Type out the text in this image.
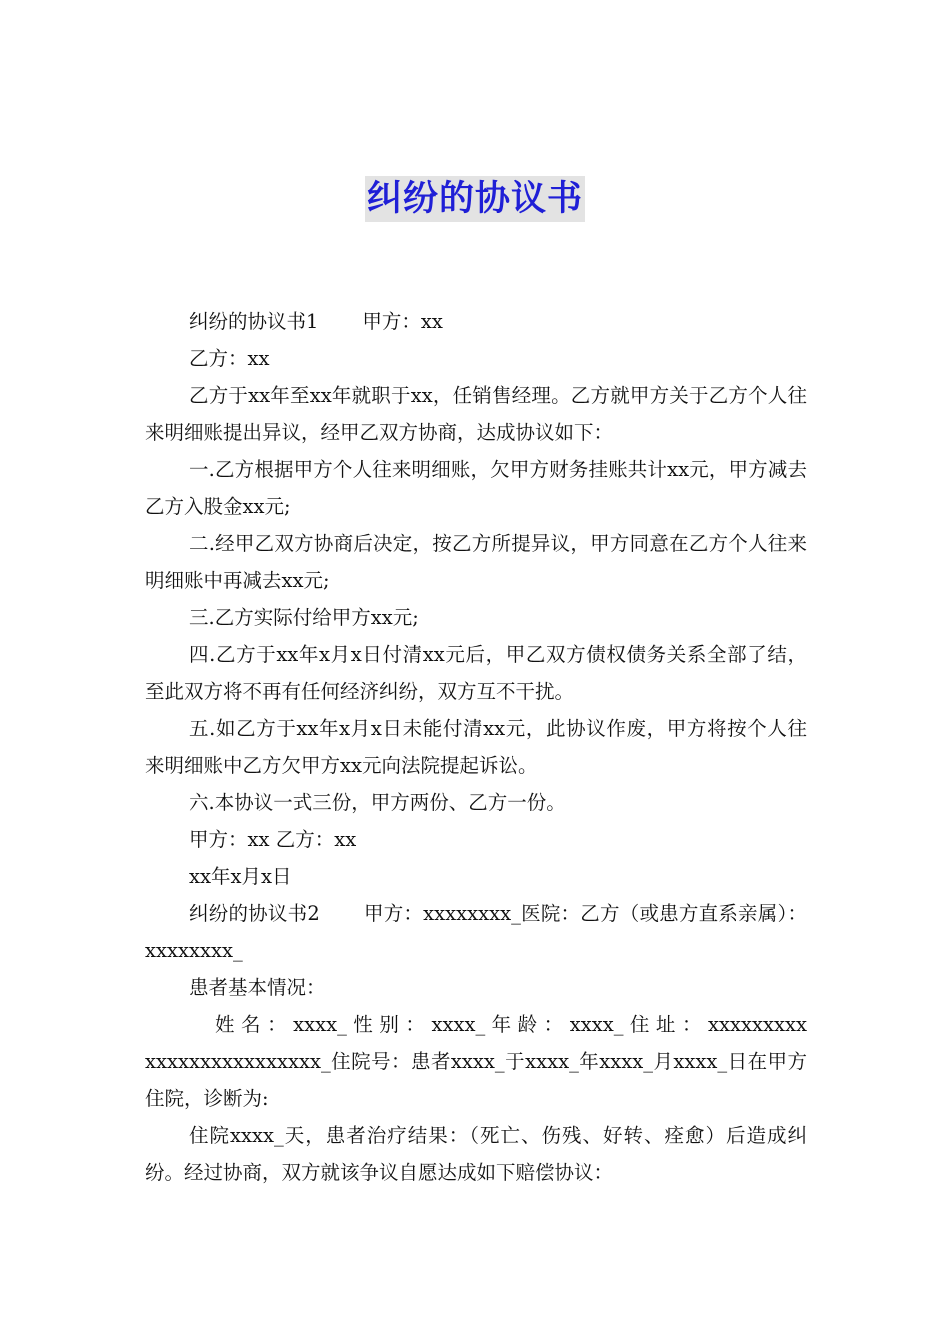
纠纷的协议书

纠纷的协议书1 甲方：xx

乙方：xx

乙方于xx年至xx年就职于xx，任销售经理。乙方就甲方关于乙方个人往来明细账提出异议，经甲乙双方协商，达成协议如下：

一.乙方根据甲方个人往来明细账，欠甲方财务挂账共计xx元，甲方减去乙方入股金xx元;

二.经甲乙双方协商后决定，按乙方所提异议，甲方同意在乙方个人往来明细账中再减去xx元;

三.乙方实际付给甲方xx元;

四.乙方于xx年x月x日付清xx元后，甲乙双方债权债务关系全部了结，至此双方将不再有任何经济纠纷，双方互不干扰。

五.如乙方于xx年x月x日未能付清xx元，此协议作废，甲方将按个人往来明细账中乙方欠甲方xx元向法院提起诉讼。

六.本协议一式三份，甲方两份、乙方一份。

甲方：xx 乙方：xx

xx年x月x日

纠纷的协议书2 甲方：xxxxxxxx_医院：乙方（或患方直系亲属）：xxxxxxxx_

患者基本情况：

姓 名 ： xxxx_ 性 别 ： xxxx_ 年 龄 ： xxxx_ 住 址 ： xxxxxxxxxxxxxxxxxxxxxxxxx_住院号：患者xxxx_于xxxx_年xxxx_月xxxx_日在甲方住院，诊断为:

住院xxxx_天，患者治疗结果：（死亡、伤残、好转、痊愈）后造成纠纷。经过协商，双方就该争议自愿达成如下赔偿协议：
